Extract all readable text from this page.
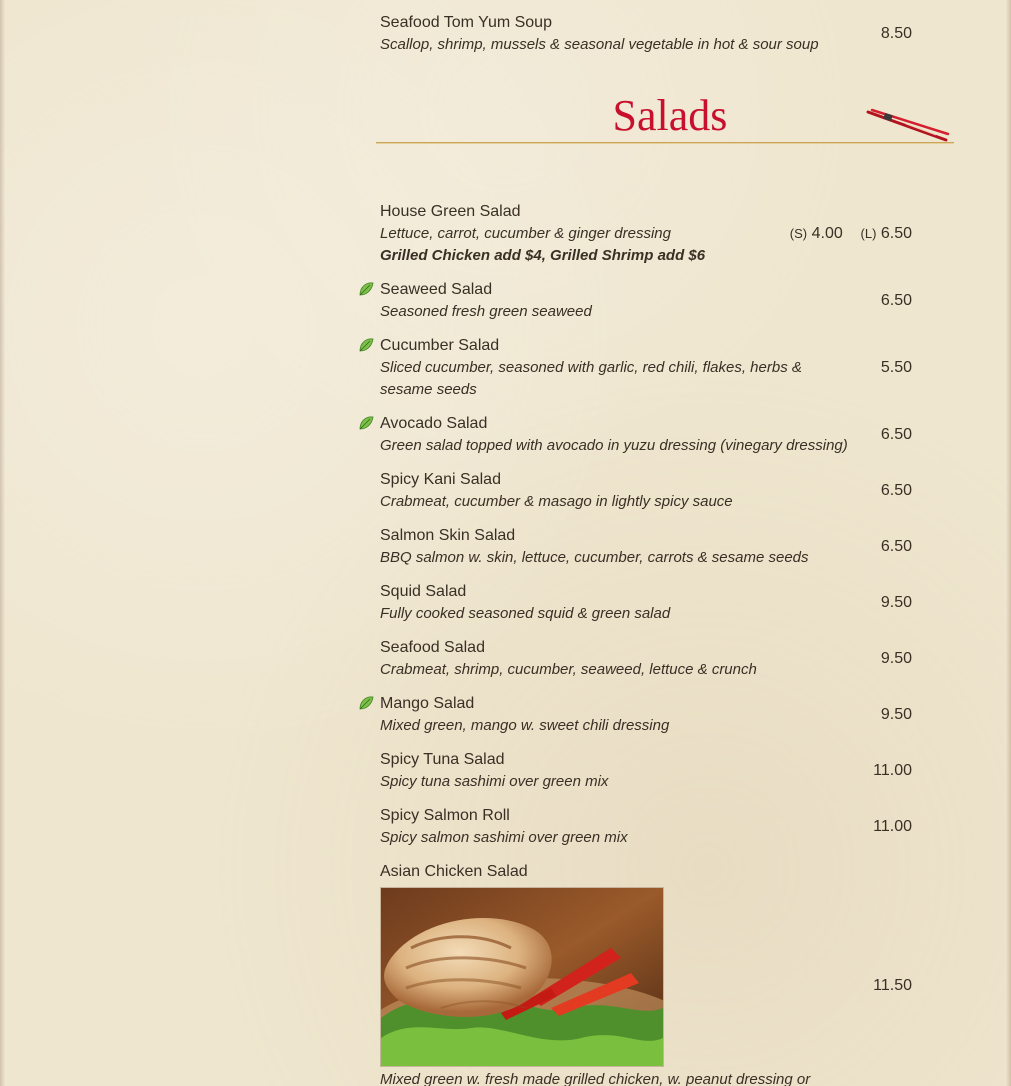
Seafood Tom Yum Soup
Scallop, shrimp, mussels & seasonal vegetable in hot & sour soup
8.50
Salads
House Green Salad
Lettuce, carrot, cucumber & ginger dressing
Grilled Chicken add $4, Grilled Shrimp add $6
(S) 4.00 (L) 6.50
Seaweed Salad
Seasoned fresh green seaweed
6.50
Cucumber Salad
Sliced cucumber, seasoned with garlic, red chili, flakes, herbs & sesame seeds
5.50
Avocado Salad
Green salad topped with avocado in yuzu dressing (vinegary dressing)
6.50
Spicy Kani Salad
Crabmeat, cucumber & masago in lightly spicy sauce
6.50
Salmon Skin Salad
BBQ salmon w. skin, lettuce, cucumber, carrots & sesame seeds
6.50
Squid Salad
Fully cooked seasoned squid & green salad
9.50
Seafood Salad
Crabmeat, shrimp, cucumber, seaweed, lettuce & crunch
9.50
Mango Salad
Mixed green, mango w. sweet chili dressing
9.50
Spicy Tuna Salad
Spicy tuna sashimi over green mix
11.00
Spicy Salmon Roll
Spicy salmon sashimi over green mix
11.00
Asian Chicken Salad
Mixed green w. fresh made grilled chicken, w. peanut dressing or
11.50
